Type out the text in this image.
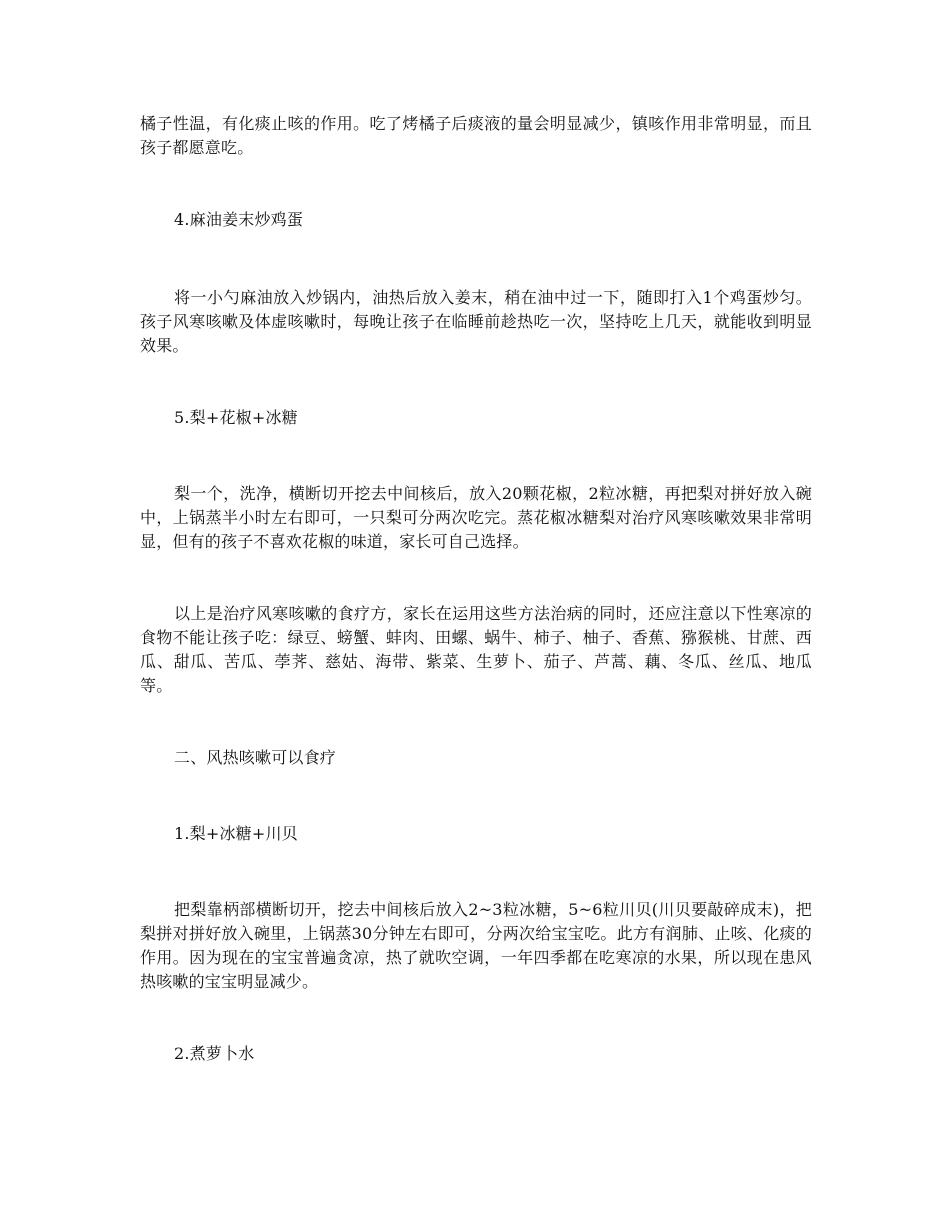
橘子性温，有化痰止咳的作用。吃了烤橘子后痰液的量会明显减少，镇咳作用非常明显，而且孩子都愿意吃。

4.麻油姜末炒鸡蛋

将一小勺麻油放入炒锅内，油热后放入姜末，稍在油中过一下，随即打入1个鸡蛋炒匀。孩子风寒咳嗽及体虚咳嗽时，每晚让孩子在临睡前趁热吃一次，坚持吃上几天，就能收到明显效果。

5.梨+花椒+冰糖

梨一个，洗净，横断切开挖去中间核后，放入20颗花椒，2粒冰糖，再把梨对拼好放入碗中，上锅蒸半小时左右即可，一只梨可分两次吃完。蒸花椒冰糖梨对治疗风寒咳嗽效果非常明显，但有的孩子不喜欢花椒的味道，家长可自己选择。

以上是治疗风寒咳嗽的食疗方，家长在运用这些方法治病的同时，还应注意以下性寒凉的食物不能让孩子吃：绿豆、螃蟹、蚌肉、田螺、蜗牛、柿子、柚子、香蕉、猕猴桃、甘蔗、西瓜、甜瓜、苦瓜、荸荠、慈姑、海带、紫菜、生萝卜、茄子、芦蒿、藕、冬瓜、丝瓜、地瓜等。

二、风热咳嗽可以食疗

1.梨+冰糖+川贝

把梨靠柄部横断切开，挖去中间核后放入2~3粒冰糖，5~6粒川贝(川贝要敲碎成末)，把梨拼对拼好放入碗里，上锅蒸30分钟左右即可，分两次给宝宝吃。此方有润肺、止咳、化痰的作用。因为现在的宝宝普遍贪凉，热了就吹空调，一年四季都在吃寒凉的水果，所以现在患风热咳嗽的宝宝明显减少。

2.煮萝卜水
